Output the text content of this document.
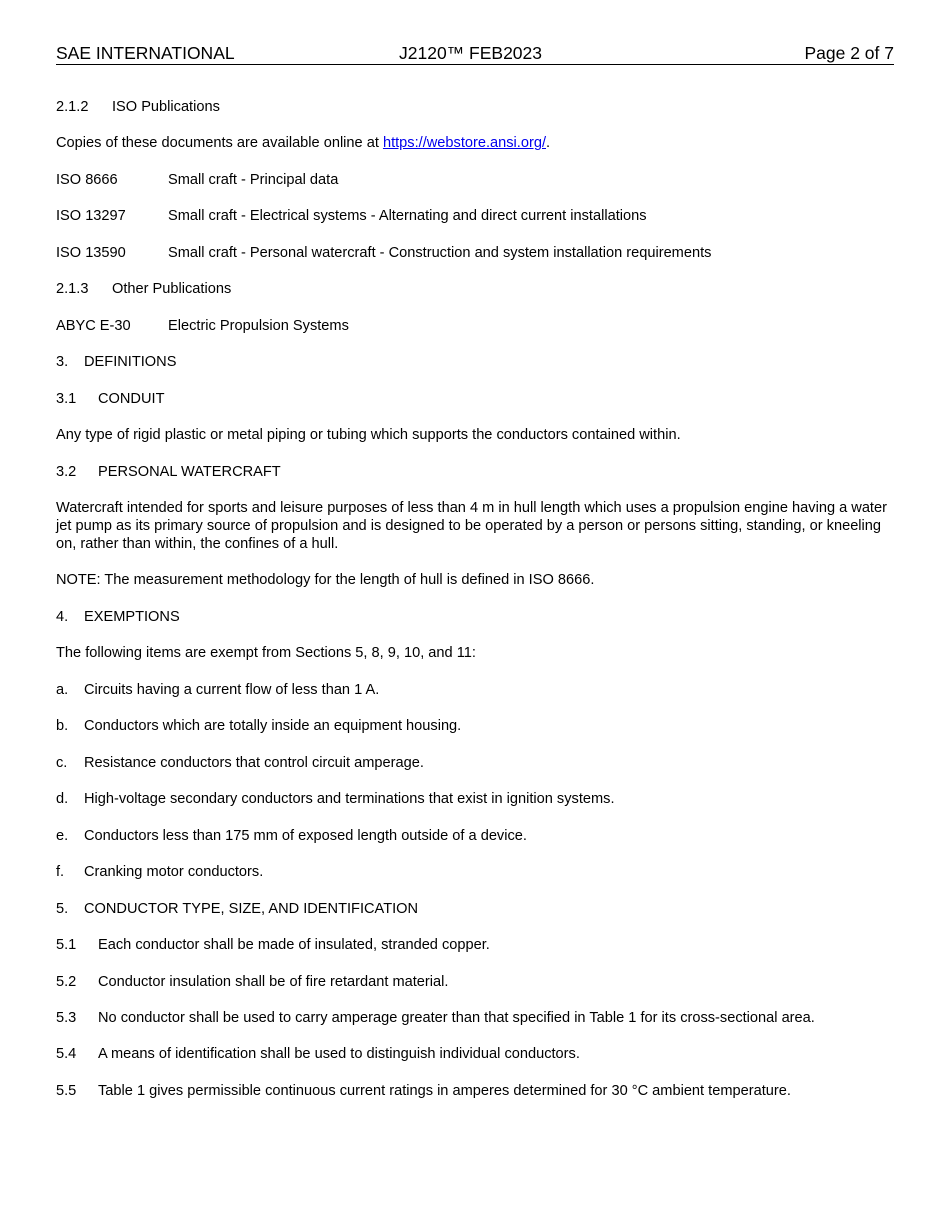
SAE INTERNATIONAL	J2120™ FEB2023	Page 2 of 7
2.1.2 ISO Publications
Copies of these documents are available online at https://webstore.ansi.org/.
ISO 8666	Small craft - Principal data
ISO 13297	Small craft - Electrical systems - Alternating and direct current installations
ISO 13590	Small craft - Personal watercraft - Construction and system installation requirements
2.1.3 Other Publications
ABYC E-30	Electric Propulsion Systems
3. DEFINITIONS
3.1 CONDUIT
Any type of rigid plastic or metal piping or tubing which supports the conductors contained within.
3.2 PERSONAL WATERCRAFT
Watercraft intended for sports and leisure purposes of less than 4 m in hull length which uses a propulsion engine having a water jet pump as its primary source of propulsion and is designed to be operated by a person or persons sitting, standing, or kneeling on, rather than within, the confines of a hull.
NOTE: The measurement methodology for the length of hull is defined in ISO 8666.
4. EXEMPTIONS
The following items are exempt from Sections 5, 8, 9, 10, and 11:
a. Circuits having a current flow of less than 1 A.
b. Conductors which are totally inside an equipment housing.
c. Resistance conductors that control circuit amperage.
d. High-voltage secondary conductors and terminations that exist in ignition systems.
e. Conductors less than 175 mm of exposed length outside of a device.
f. Cranking motor conductors.
5. CONDUCTOR TYPE, SIZE, AND IDENTIFICATION
5.1 Each conductor shall be made of insulated, stranded copper.
5.2 Conductor insulation shall be of fire retardant material.
5.3 No conductor shall be used to carry amperage greater than that specified in Table 1 for its cross-sectional area.
5.4 A means of identification shall be used to distinguish individual conductors.
5.5 Table 1 gives permissible continuous current ratings in amperes determined for 30 °C ambient temperature.
